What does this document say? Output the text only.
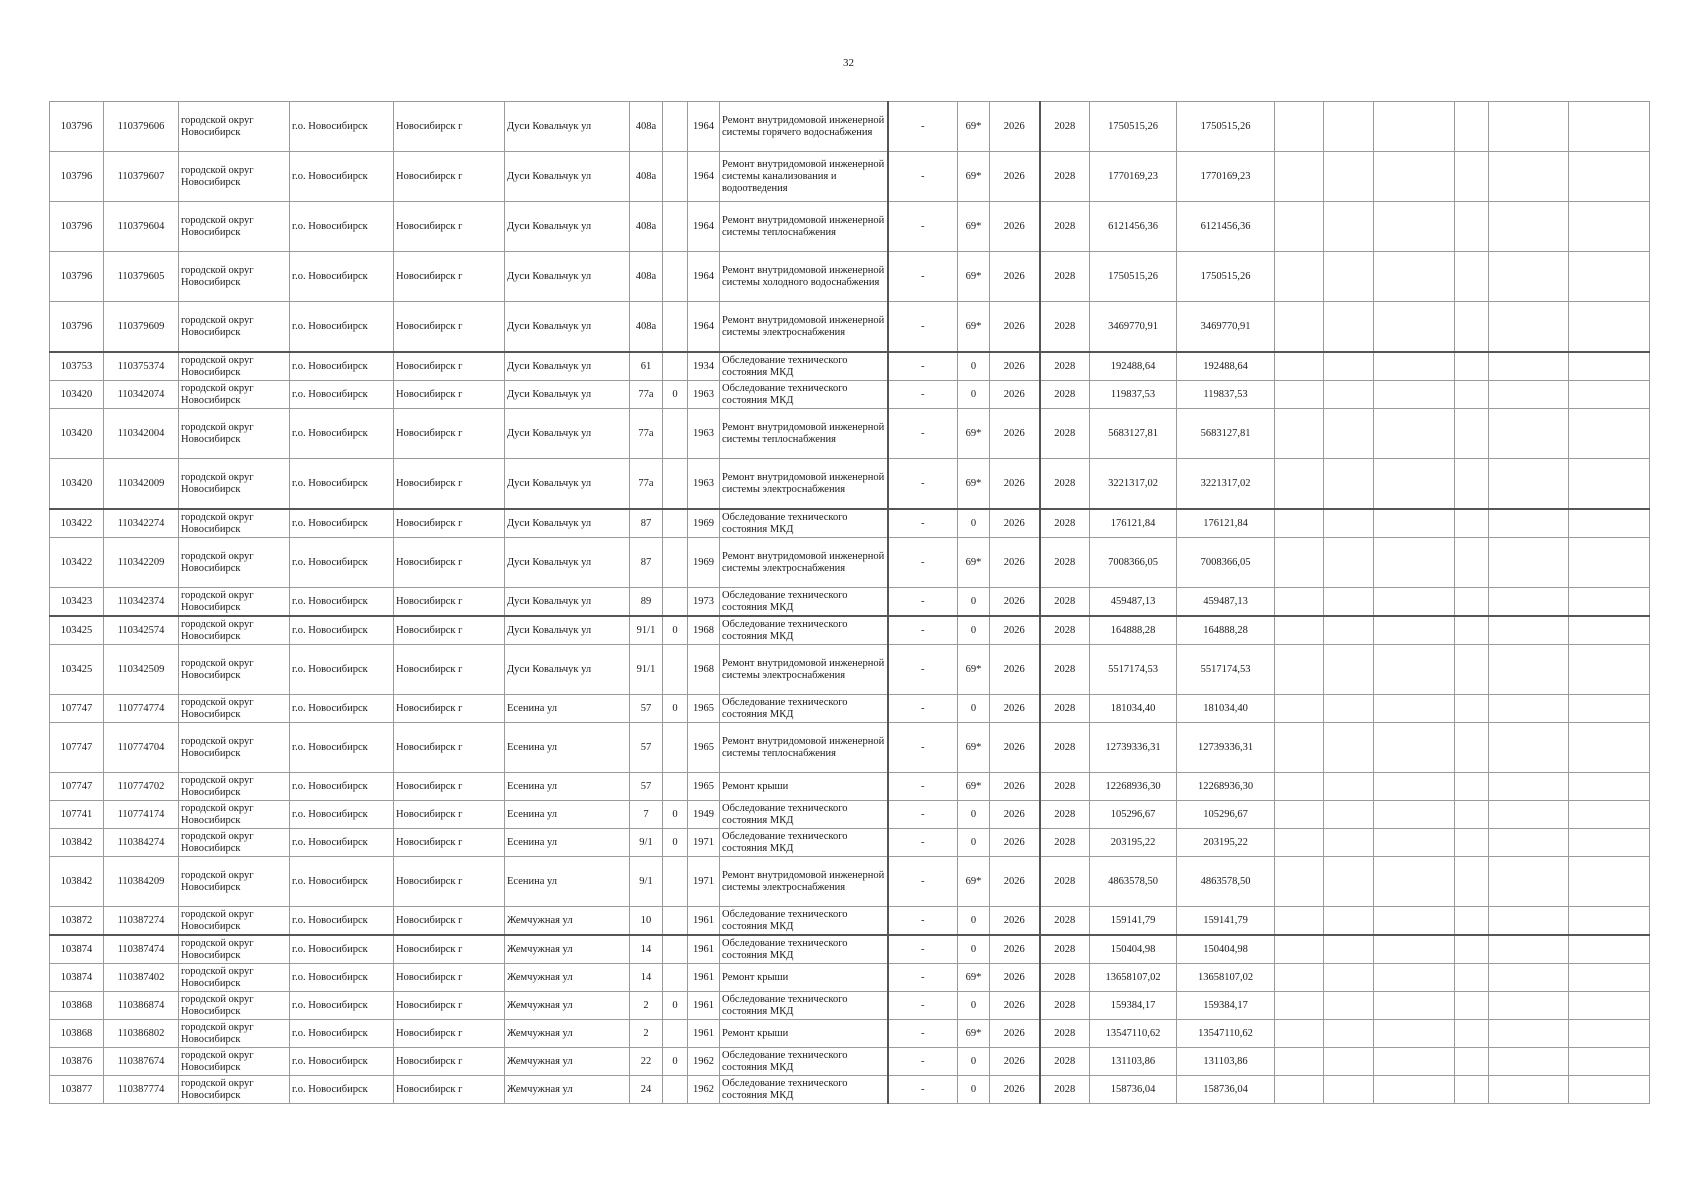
32
103796	110379606	городской округ Новосибирск	г.о. Новосибирск	Новосибирск г	Дуси Ковальчук ул	408а		1964	Ремонт внутридомовой инженерной системы горячего водоснабжения	-	69*	2026	2028	1750515,26	1750515,26						
103796	110379607	городской округ Новосибирск	г.о. Новосибирск	Новосибирск г	Дуси Ковальчук ул	408а		1964	Ремонт внутридомовой инженерной системы канализования и водоотведения	-	69*	2026	2028	1770169,23	1770169,23						
103796	110379604	городской округ Новосибирск	г.о. Новосибирск	Новосибирск г	Дуси Ковальчук ул	408а		1964	Ремонт внутридомовой инженерной системы теплоснабжения	-	69*	2026	2028	6121456,36	6121456,36						
103796	110379605	городской округ Новосибирск	г.о. Новосибирск	Новосибирск г	Дуси Ковальчук ул	408а		1964	Ремонт внутридомовой инженерной системы холодного водоснабжения	-	69*	2026	2028	1750515,26	1750515,26						
103796	110379609	городской округ Новосибирск	г.о. Новосибирск	Новосибирск г	Дуси Ковальчук ул	408а		1964	Ремонт внутридомовой инженерной системы электроснабжения	-	69*	2026	2028	3469770,91	3469770,91						
103753	110375374	городской округ Новосибирск	г.о. Новосибирск	Новосибирск г	Дуси Ковальчук ул	61		1934	Обследование технического состояния МКД	-	0	2026	2028	192488,64	192488,64						
103420	110342074	городской округ Новосибирск	г.о. Новосибирск	Новосибирск г	Дуси Ковальчук ул	77а	0	1963	Обследование технического состояния МКД	-	0	2026	2028	119837,53	119837,53						
103420	110342004	городской округ Новосибирск	г.о. Новосибирск	Новосибирск г	Дуси Ковальчук ул	77а		1963	Ремонт внутридомовой инженерной системы теплоснабжения	-	69*	2026	2028	5683127,81	5683127,81						
103420	110342009	городской округ Новосибирск	г.о. Новосибирск	Новосибирск г	Дуси Ковальчук ул	77а		1963	Ремонт внутридомовой инженерной системы электроснабжения	-	69*	2026	2028	3221317,02	3221317,02						
103422	110342274	городской округ Новосибирск	г.о. Новосибирск	Новосибирск г	Дуси Ковальчук ул	87		1969	Обследование технического состояния МКД	-	0	2026	2028	176121,84	176121,84						
103422	110342209	городской округ Новосибирск	г.о. Новосибирск	Новосибирск г	Дуси Ковальчук ул	87		1969	Ремонт внутридомовой инженерной системы электроснабжения	-	69*	2026	2028	7008366,05	7008366,05						
103423	110342374	городской округ Новосибирск	г.о. Новосибирск	Новосибирск г	Дуси Ковальчук ул	89		1973	Обследование технического состояния МКД	-	0	2026	2028	459487,13	459487,13						
103425	110342574	городской округ Новосибирск	г.о. Новосибирск	Новосибирск г	Дуси Ковальчук ул	91/1	0	1968	Обследование технического состояния МКД	-	0	2026	2028	164888,28	164888,28						
103425	110342509	городской округ Новосибирск	г.о. Новосибирск	Новосибирск г	Дуси Ковальчук ул	91/1		1968	Ремонт внутридомовой инженерной системы электроснабжения	-	69*	2026	2028	5517174,53	5517174,53						
107747	110774774	городской округ Новосибирск	г.о. Новосибирск	Новосибирск г	Есенина ул	57	0	1965	Обследование технического состояния МКД	-	0	2026	2028	181034,40	181034,40						
107747	110774704	городской округ Новосибирск	г.о. Новосибирск	Новосибирск г	Есенина ул	57		1965	Ремонт внутридомовой инженерной системы теплоснабжения	-	69*	2026	2028	12739336,31	12739336,31						
107747	110774702	городской округ Новосибирск	г.о. Новосибирск	Новосибирск г	Есенина ул	57		1965	Ремонт крыши	-	69*	2026	2028	12268936,30	12268936,30						
107741	110774174	городской округ Новосибирск	г.о. Новосибирск	Новосибирск г	Есенина ул	7	0	1949	Обследование технического состояния МКД	-	0	2026	2028	105296,67	105296,67						
103842	110384274	городской округ Новосибирск	г.о. Новосибирск	Новосибирск г	Есенина ул	9/1	0	1971	Обследование технического состояния МКД	-	0	2026	2028	203195,22	203195,22						
103842	110384209	городской округ Новосибирск	г.о. Новосибирск	Новосибирск г	Есенина ул	9/1		1971	Ремонт внутридомовой инженерной системы электроснабжения	-	69*	2026	2028	4863578,50	4863578,50						
103872	110387274	городской округ Новосибирск	г.о. Новосибирск	Новосибирск г	Жемчужная ул	10		1961	Обследование технического состояния МКД	-	0	2026	2028	159141,79	159141,79						
103874	110387474	городской округ Новосибирск	г.о. Новосибирск	Новосибирск г	Жемчужная ул	14		1961	Обследование технического состояния МКД	-	0	2026	2028	150404,98	150404,98						
103874	110387402	городской округ Новосибирск	г.о. Новосибирск	Новосибирск г	Жемчужная ул	14		1961	Ремонт крыши	-	69*	2026	2028	13658107,02	13658107,02						
103868	110386874	городской округ Новосибирск	г.о. Новосибирск	Новосибирск г	Жемчужная ул	2	0	1961	Обследование технического состояния МКД	-	0	2026	2028	159384,17	159384,17						
103868	110386802	городской округ Новосибирск	г.о. Новосибирск	Новосибирск г	Жемчужная ул	2		1961	Ремонт крыши	-	69*	2026	2028	13547110,62	13547110,62						
103876	110387674	городской округ Новосибирск	г.о. Новосибирск	Новосибирск г	Жемчужная ул	22	0	1962	Обследование технического состояния МКД	-	0	2026	2028	131103,86	131103,86						
103877	110387774	городской округ Новосибирск	г.о. Новосибирск	Новосибирск г	Жемчужная ул	24		1962	Обследование технического состояния МКД	-	0	2026	2028	158736,04	158736,04						
